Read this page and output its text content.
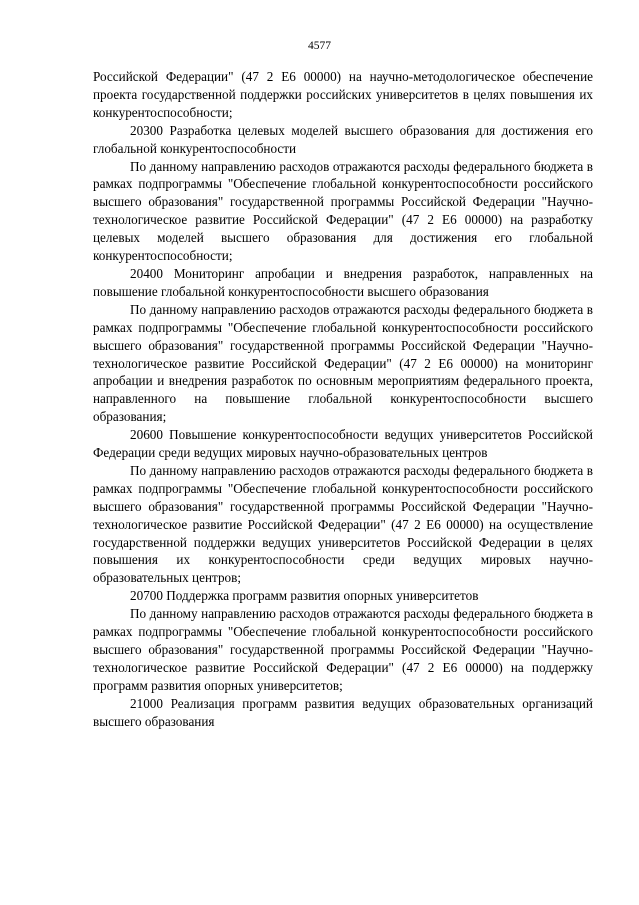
4577

Российской Федерации" (47 2 Е6 00000) на научно-методологическое обеспечение проекта государственной поддержки российских университетов в целях повышения их конкурентоспособности;

20300 Разработка целевых моделей высшего образования для достижения его глобальной конкурентоспособности

По данному направлению расходов отражаются расходы федерального бюджета в рамках подпрограммы "Обеспечение глобальной конкурентоспособности российского высшего образования" государственной программы Российской Федерации "Научно-технологическое развитие Российской Федерации" (47 2 Е6 00000) на разработку целевых моделей высшего образования для достижения его глобальной конкурентоспособности;

20400 Мониторинг апробации и внедрения разработок, направленных на повышение глобальной конкурентоспособности высшего образования

По данному направлению расходов отражаются расходы федерального бюджета в рамках подпрограммы "Обеспечение глобальной конкурентоспособности российского высшего образования" государственной программы Российской Федерации "Научно-технологическое развитие Российской Федерации" (47 2 Е6 00000) на мониторинг апробации и внедрения разработок по основным мероприятиям федерального проекта, направленного на повышение глобальной конкурентоспособности высшего образования;

20600 Повышение конкурентоспособности ведущих университетов Российской Федерации среди ведущих мировых научно-образовательных центров

По данному направлению расходов отражаются расходы федерального бюджета в рамках подпрограммы "Обеспечение глобальной конкурентоспособности российского высшего образования" государственной программы Российской Федерации "Научно-технологическое развитие Российской Федерации" (47 2 Е6 00000) на осуществление государственной поддержки ведущих университетов Российской Федерации в целях повышения их конкурентоспособности среди ведущих мировых научно-образовательных центров;

20700 Поддержка программ развития опорных университетов

По данному направлению расходов отражаются расходы федерального бюджета в рамках подпрограммы "Обеспечение глобальной конкурентоспособности российского высшего образования" государственной программы Российской Федерации "Научно-технологическое развитие Российской Федерации" (47 2 Е6 00000) на поддержку программ развития опорных университетов;

21000 Реализация программ развития ведущих образовательных организаций высшего образования
